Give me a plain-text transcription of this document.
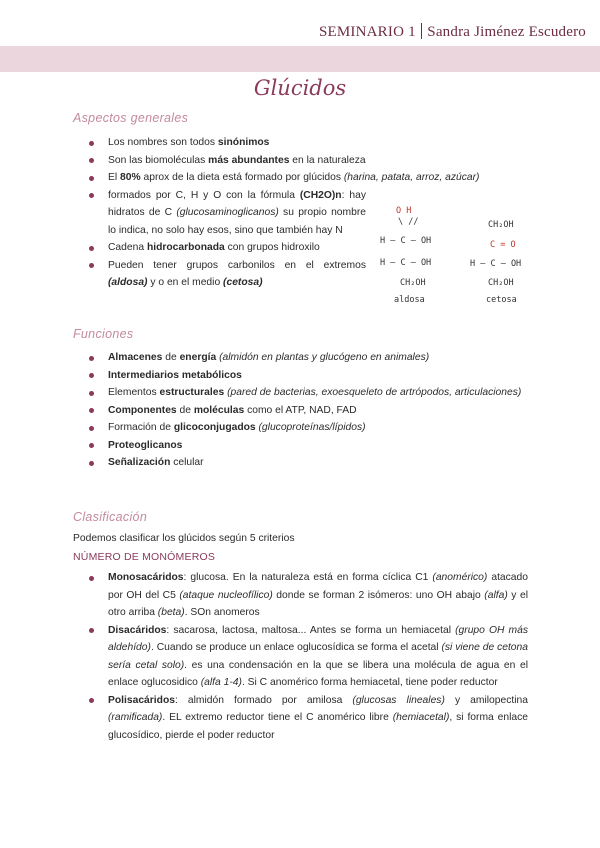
SEMINARIO 1 Sandra Jiménez Escudero
Glúcidos
Aspectos generales
Los nombres son todos sinónimos
Son las biomoléculas más abundantes en la naturaleza
El 80% aprox de la dieta está formado por glúcidos (harina, patata, arroz, azúcar)
formados por C, H y O con la fórmula (CH2O)n: hay hidratos de C (glucosaminoglicanos) su propio nombre lo indica, no solo hay esos, sino que también hay N
Cadena hidrocarbonada con grupos hidroxilo
Pueden tener grupos carbonilos en el extremos (aldosa) y o en el medio (cetosa)
O H
\ //
H — C — OH
H — C — OH
CH₂OH
aldosa
CH₂OH
C = O
H — C — OH
CH₂OH
cetosa
Funciones
Almacenes de energía (almidón en plantas y glucógeno en animales)
Intermediarios metabólicos
Elementos estructurales (pared de bacterias, exoesqueleto de artrópodos, articulaciones)
Componentes de moléculas como el ATP, NAD, FAD
Formación de glicoconjugados (glucoproteínas/lípidos)
Proteoglicanos
Señalización celular
Clasificación
Podemos clasificar los glúcidos según 5 criterios
NÚMERO DE MONÓMEROS
Monosacáridos: glucosa. En la naturaleza está en forma cíclica C1 (anomérico) atacado por OH del C5 (ataque nucleofílico) donde se forman 2 isómeros: uno OH abajo (alfa) y el otro arriba (beta). SOn anomeros
Disacáridos: sacarosa, lactosa, maltosa... Antes se forma un hemiacetal (grupo OH más aldehído). Cuando se produce un enlace oglucosídica se forma el acetal (si viene de cetona sería cetal solo). es una condensación en la que se libera una molécula de agua en el enlace oglucosidico (alfa 1-4). Si C anomérico forma hemiacetal, tiene poder reductor
Polisacáridos: almidón formado por amilosa (glucosas lineales) y amilopectina (ramificada). EL extremo reductor tiene el C anomérico libre (hemiacetal), si forma enlace glucosídico, pierde el poder reductor
